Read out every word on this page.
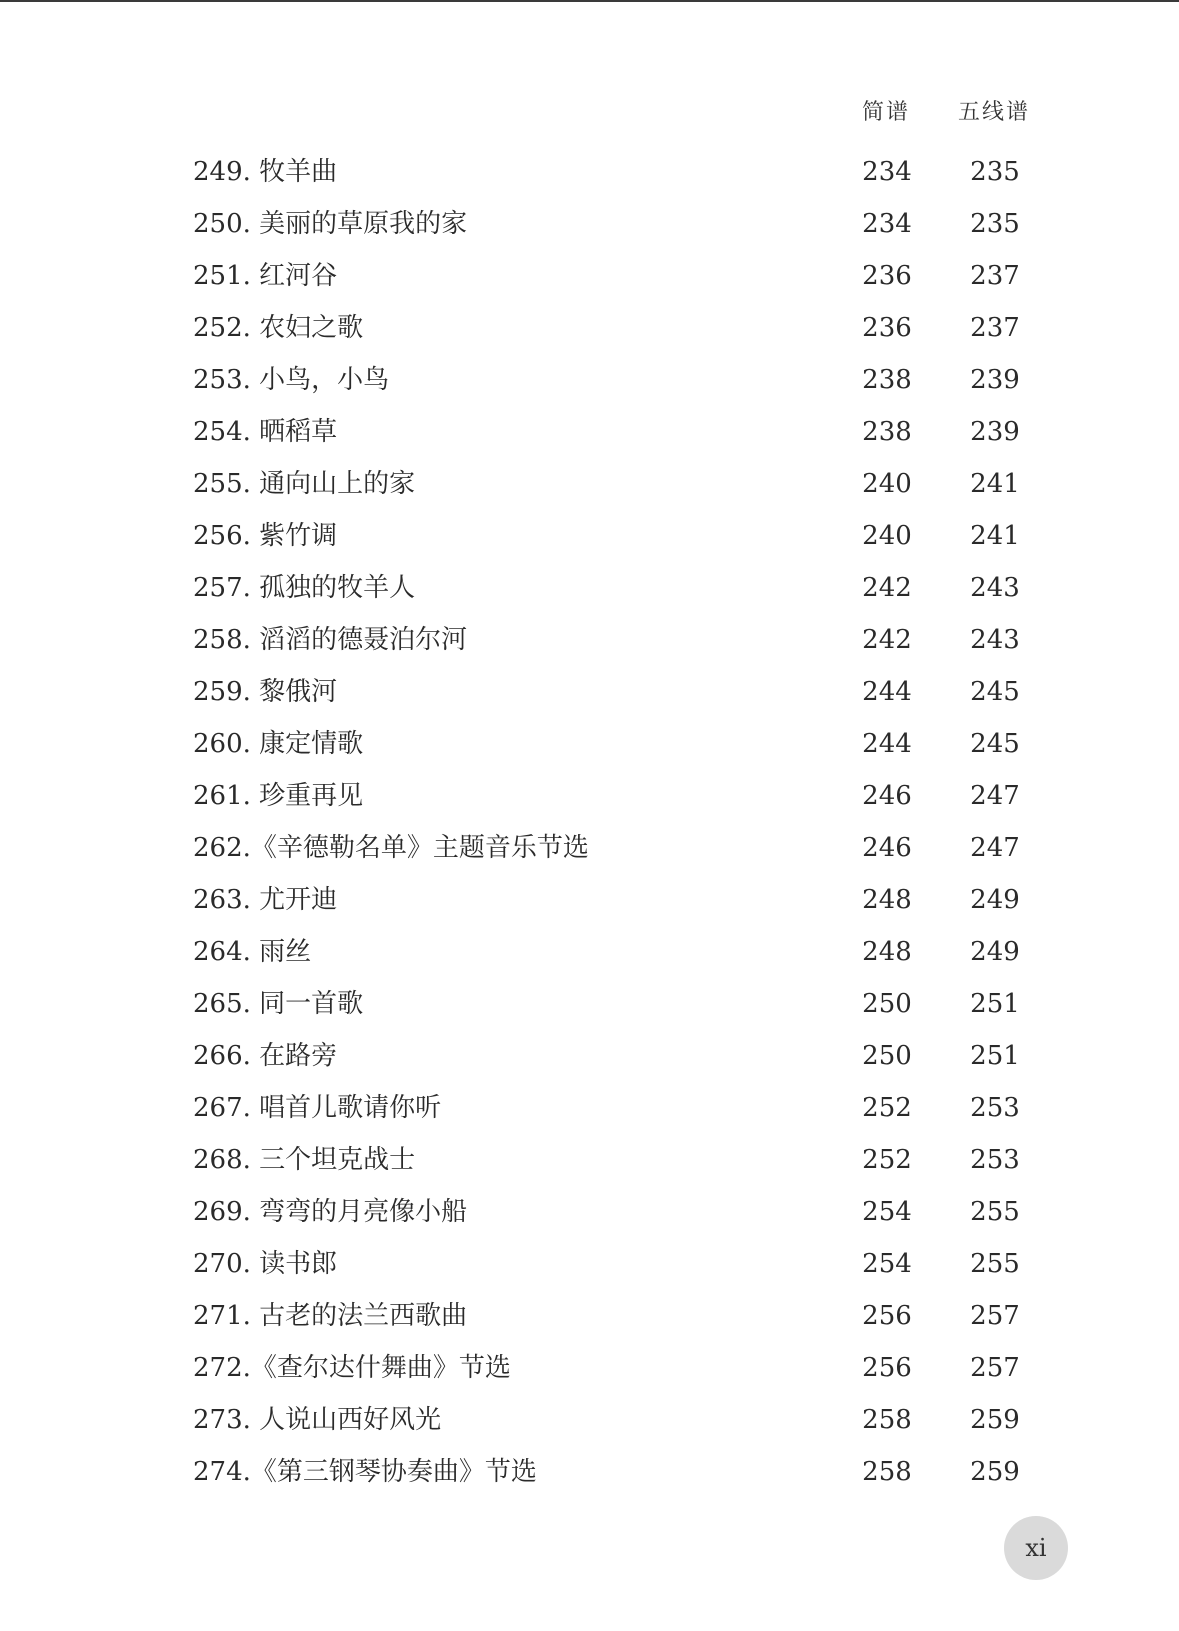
简谱 五线谱
249. 牧羊曲	234 235
250. 美丽的草原我的家	234 235
251. 红河谷	236 237
252. 农妇之歌	236 237
253. 小鸟，小鸟	238 239
254. 晒稻草	238 239
255. 通向山上的家	240 241
256. 紫竹调	240 241
257. 孤独的牧羊人	242 243
258. 滔滔的德聂泊尔河	242 243
259. 黎俄河	244 245
260. 康定情歌	244 245
261. 珍重再见	246 247
262.《辛德勒名单》主题音乐节选	246 247
263. 尤开迪	248 249
264. 雨丝	248 249
265. 同一首歌	250 251
266. 在路旁	250 251
267. 唱首儿歌请你听	252 253
268. 三个坦克战士	252 253
269. 弯弯的月亮像小船	254 255
270. 读书郎	254 255
271. 古老的法兰西歌曲	256 257
272.《查尔达什舞曲》节选	256 257
273. 人说山西好风光	258 259
274.《第三钢琴协奏曲》节选	258 259
xi
